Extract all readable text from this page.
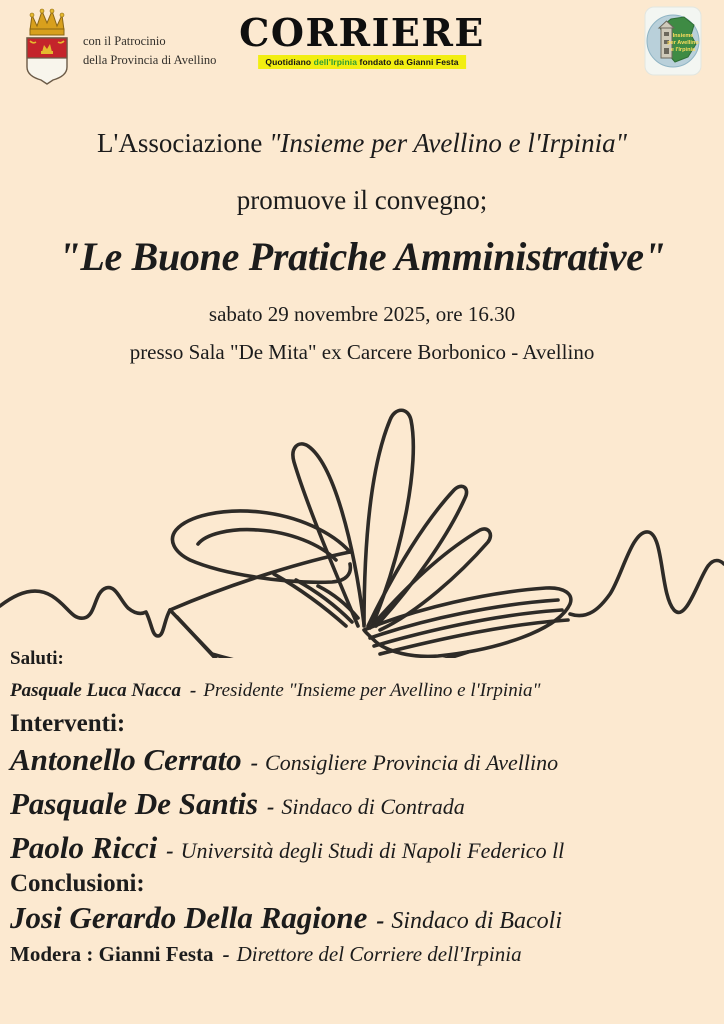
con il Patrocinio
della Provincia di Avellino
CORRIERE
Quotidiano dell'Irpinia fondato da Gianni Festa
Insieme
per Avellino
e l'Irpinia

L'Associazione "Insieme per Avellino e l'Irpinia"

promuove il convegno;

"Le Buone Pratiche Amministrative"

sabato 29 novembre 2025, ore 16.30

presso Sala "De Mita" ex Carcere Borbonico - Avellino

Saluti:

Pasquale Luca Nacca - Presidente "Insieme per Avellino e l'Irpinia"

Interventi:

Antonello Cerrato - Consigliere Provincia di Avellino

Pasquale De Santis - Sindaco di Contrada

Paolo Ricci - Università degli Studi di Napoli Federico ll

Conclusioni:

Josi Gerardo Della Ragione - Sindaco di Bacoli

Modera : Gianni Festa - Direttore del Corriere dell'Irpinia
